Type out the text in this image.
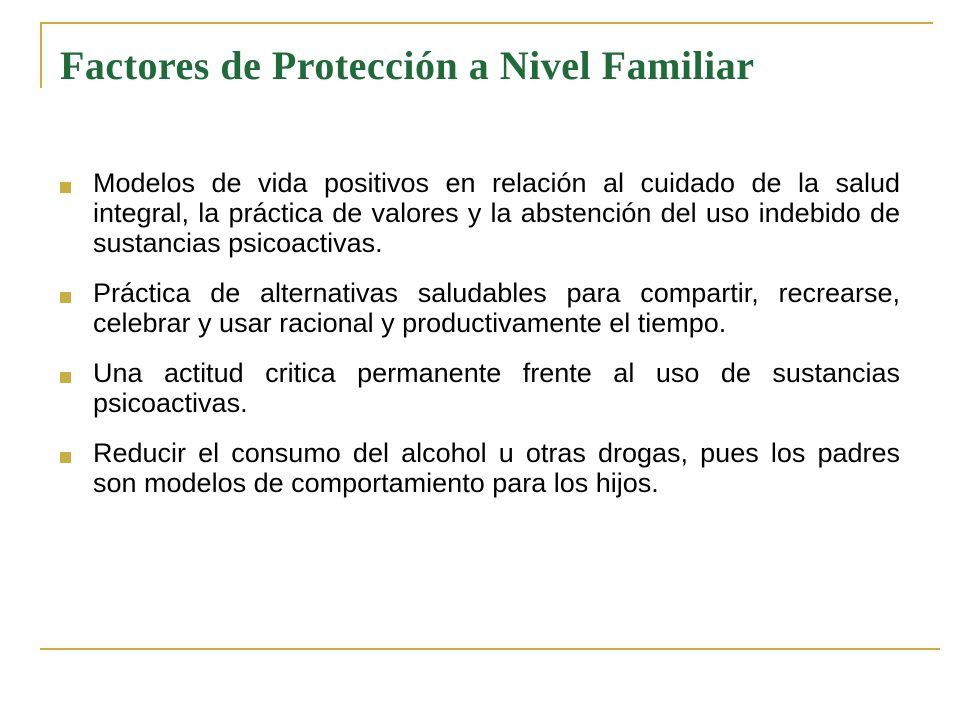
Factores de Protección a Nivel Familiar
Modelos de vida positivos en relación al cuidado de la salud integral, la práctica de valores y la abstención del uso indebido de sustancias psicoactivas.
Práctica de alternativas saludables para compartir, recrearse, celebrar y usar racional y productivamente el tiempo.
Una actitud critica permanente frente al uso de sustancias psicoactivas.
Reducir el consumo del alcohol u otras drogas, pues los padres son modelos de comportamiento para los hijos.
